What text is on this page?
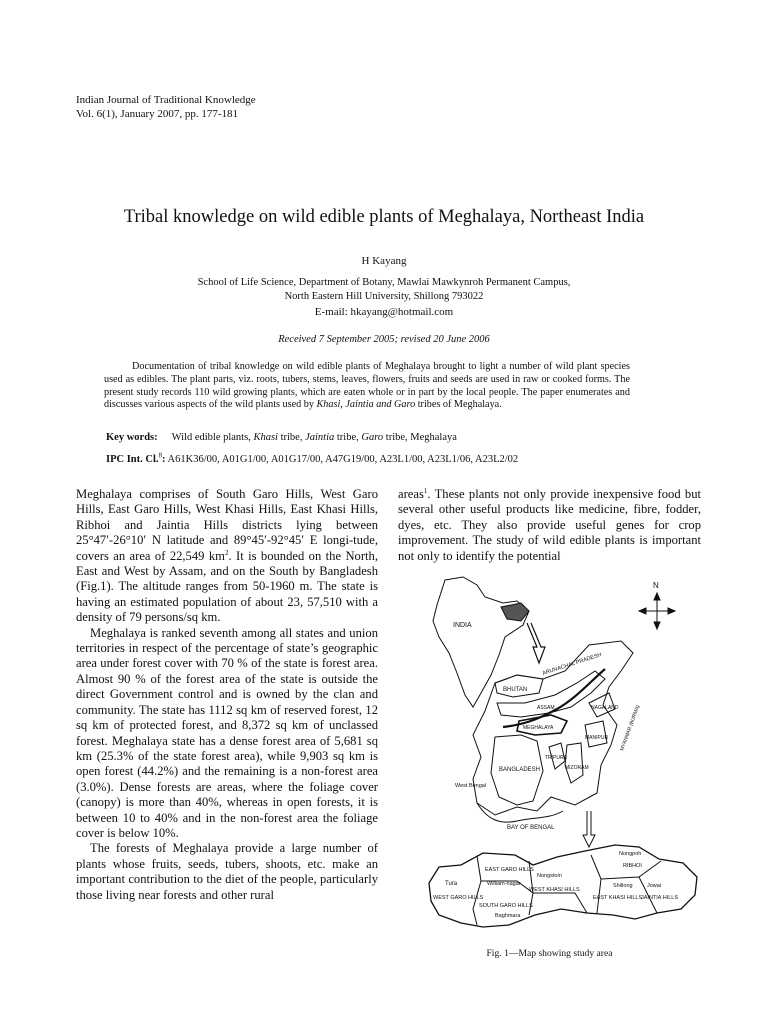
Indian Journal of Traditional Knowledge
Vol. 6(1), January 2007, pp. 177-181
Tribal knowledge on wild edible plants of Meghalaya, Northeast India
H Kayang
School of Life Science, Department of Botany, Mawlai Mawkynroh Permanent Campus,
North Eastern Hill University, Shillong 793022
E-mail: hkayang@hotmail.com
Received 7 September 2005; revised 20 June 2006
Documentation of tribal knowledge on wild edible plants of Meghalaya brought to light a number of wild plant species used as edibles. The plant parts, viz. roots, tubers, stems, leaves, flowers, fruits and seeds are used in raw or cooked forms. The present study records 110 wild growing plants, which are eaten whole or in part by the local people. The paper enumerates and discusses various aspects of the wild plants used by Khasi, Jaintia and Garo tribes of Meghalaya.
Key words: Wild edible plants, Khasi tribe, Jaintia tribe, Garo tribe, Meghalaya
IPC Int. Cl.$^8$: A61K36/00, A01G1/00, A01G17/00, A47G19/00, A23L1/00, A23L1/06, A23L2/02

Meghalaya comprises of South Garo Hills, West Garo Hills, East Garo Hills, West Khasi Hills, East Khasi Hills, Ribhoi and Jaintia Hills districts lying between 25°47′-26°10′ N latitude and 89°45′-92°45′ E longi-tude, covers an area of 22,549 $km^2$. It is bounded on the North, East and West by Assam, and on the South by Bangladesh (Fig.1). The altitude ranges from 50-1960 m. The state is having an estimated population of about 23, 57,510 with a density of 79 persons/sq km.

Meghalaya is ranked seventh among all states and union territories in respect of the percentage of state’s geographic area under forest cover with 70 % of the state is forest area. Almost 90 % of the forest area of the state is outside the direct Government control and is owned by the clan and community. The state has 1112 sq km of reserved forest, 12 sq km of protected forest, and 8,372 sq km of unclassed forest. Meghalaya state has a dense forest area of 5,681 sq km (25.3% of the state forest area), while 9,903 sq km is open forest (44.2%) and the remaining is a non-forest area (3.0%). Dense forests are areas, where the foliage cover (canopy) is more than 40%, whereas in open forests, it is between 10 to 40% and in the non-forest area the foliage cover is below 10%.

The forests of Meghalaya provide a large number of plants whose fruits, seeds, tubers, shoots, etc. make an important contribution to the diet of the people, particularly those living near forests and other rural

areas$^1$. These plants not only provide inexpensive food but several other useful products like medicine, fibre, fodder, dyes, etc. They also provide useful genes for crop improvement. The study of wild edible plants is important not only to identify the potential

N
INDIA
BHUTAN
ARUNACHAL PRADESH
NAGALAND
ASSAM
MEGHALAYA
MANIPUR
MIZORAM
BANGLADESH
TRIPURA
MYANMAR (BURMA)
West Bengal
BAY OF BENGAL
Tura
WEST GARO HILLS
EAST GARO HILLS
William-nagar
SOUTH GARO HILLS
Baghmara
Nongstoin
WEST KHASI HILLS
Nongpoh
RIBHOI
Shillong
EAST KHASI HILLS
Jowai
JAINTIA HILLS
Fig. 1—Map showing study area
